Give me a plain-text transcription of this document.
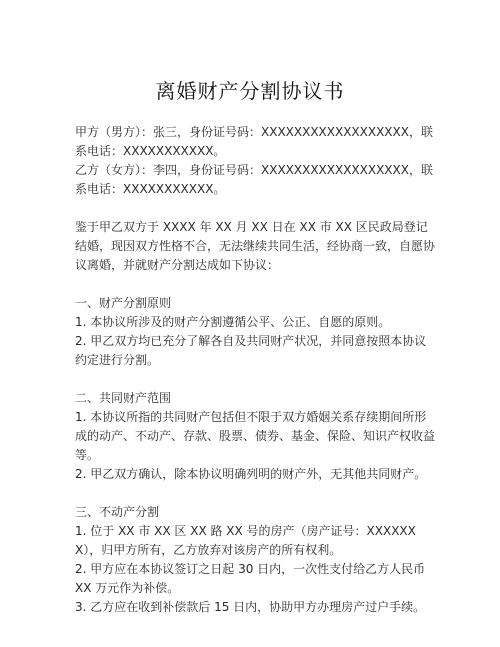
离婚财产分割协议书

甲方（男方）：张三，身份证号码：XXXXXXXXXXXXXXXXXX，联系电话：XXXXXXXXXXX。

乙方（女方）：李四，身份证号码：XXXXXXXXXXXXXXXXXX，联系电话：XXXXXXXXXXX。

鉴于甲乙双方于 XXXX 年 XX 月 XX 日在 XX 市 XX 区民政局登记结婚，现因双方性格不合，无法继续共同生活，经协商一致，自愿协议离婚，并就财产分割达成如下协议：

一、财产分割原则

1. 本协议所涉及的财产分割遵循公平、公正、自愿的原则。

2. 甲乙双方均已充分了解各自及共同财产状况，并同意按照本协议约定进行分割。

二、共同财产范围

1. 本协议所指的共同财产包括但不限于双方婚姻关系存续期间所形成的动产、不动产、存款、股票、债券、基金、保险、知识产权收益等。

2. 甲乙双方确认，除本协议明确列明的财产外，无其他共同财产。

三、不动产分割

1. 位于 XX 市 XX 区 XX 路 XX 号的房产（房产证号：XXXXXXX），归甲方所有，乙方放弃对该房产的所有权利。

2. 甲方应在本协议签订之日起 30 日内，一次性支付给乙方人民币 XX 万元作为补偿。

3. 乙方应在收到补偿款后 15 日内，协助甲方办理房产过户手续。
